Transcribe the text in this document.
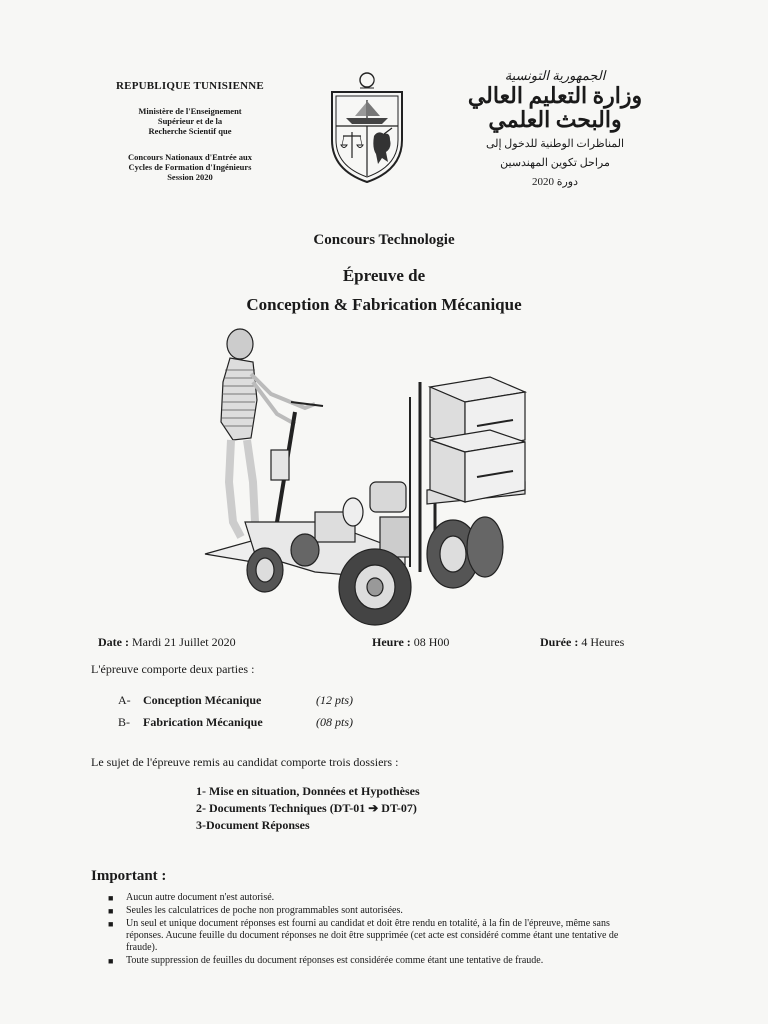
REPUBLIQUE TUNISIENNE
Ministère de l'Enseignement
Supérieur et de la
Recherche Scientif que
Concours Nationaux d'Entrée aux
Cycles de Formation d'Ingénieurs
Session 2020
الجمهورية التونسية
وزارة التعليم العالي
والبحث العلمي
المناظرات الوطنية للدخول إلى
مراحل تكوين المهندسين
دورة 2020
Concours Technologie
Épreuve de
Conception & Fabrication Mécanique
Date : Mardi 21 Juillet 2020	Heure : 08 H00	Durée : 4 Heures
L'épreuve comporte deux parties :
A- Conception Mécanique	(12 pts)
B- Fabrication Mécanique	(08 pts)
Le sujet de l'épreuve remis au candidat comporte trois dossiers :
1- Mise en situation, Données et Hypothèses
2- Documents Techniques (DT-01 ➔ DT-07)
3-Document Réponses
Important :
■ Aucun autre document n'est autorisé.
■ Seules les calculatrices de poche non programmables sont autorisées.
■ Un seul et unique document réponses est fourni au candidat et doit être rendu en totalité, à la fin de l'épreuve, même sans réponses. Aucune feuille du document réponses ne doit être supprimée (cet acte est considéré comme étant une tentative de fraude).
■ Toute suppression de feuilles du document réponses est considérée comme étant une tentative de fraude.
